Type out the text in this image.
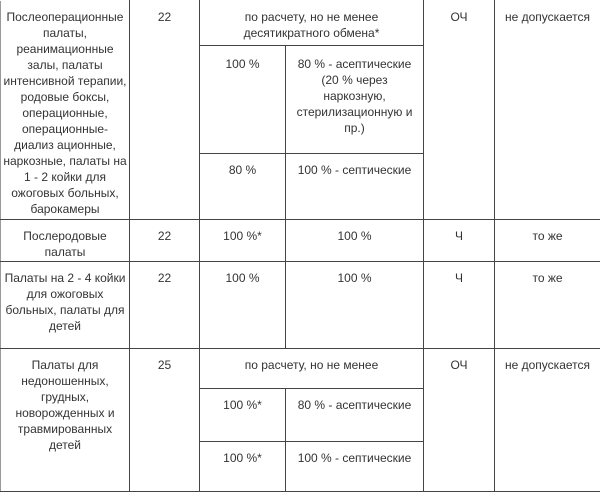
Послеоперационные палаты, реанимационные залы, палаты интенсивной терапии, родовые боксы, операционные, операционные-диализ ационные, наркозные, палаты на 1 - 2 койки для ожоговых больных, барокамеры	22	по расчету, но не менее десятикратного обмена*		ОЧ	не допускается
		100 %	80 % - асептические (20 % через наркозную, стерилизационную и пр.)		
		80 %	100 % - септические		
Послеродовые палаты	22	100 %*	100 %	Ч	то же
Палаты на 2 - 4 койки для ожоговых больных, палаты для детей	22	100 %	100 %	Ч	то же
Палаты для недоношенных, грудных, новорожденных и травмированных детей	25	по расчету, но не менее		ОЧ	не допускается
		100 %*	80 % - асептические		
		100 %*	100 % - септические		
